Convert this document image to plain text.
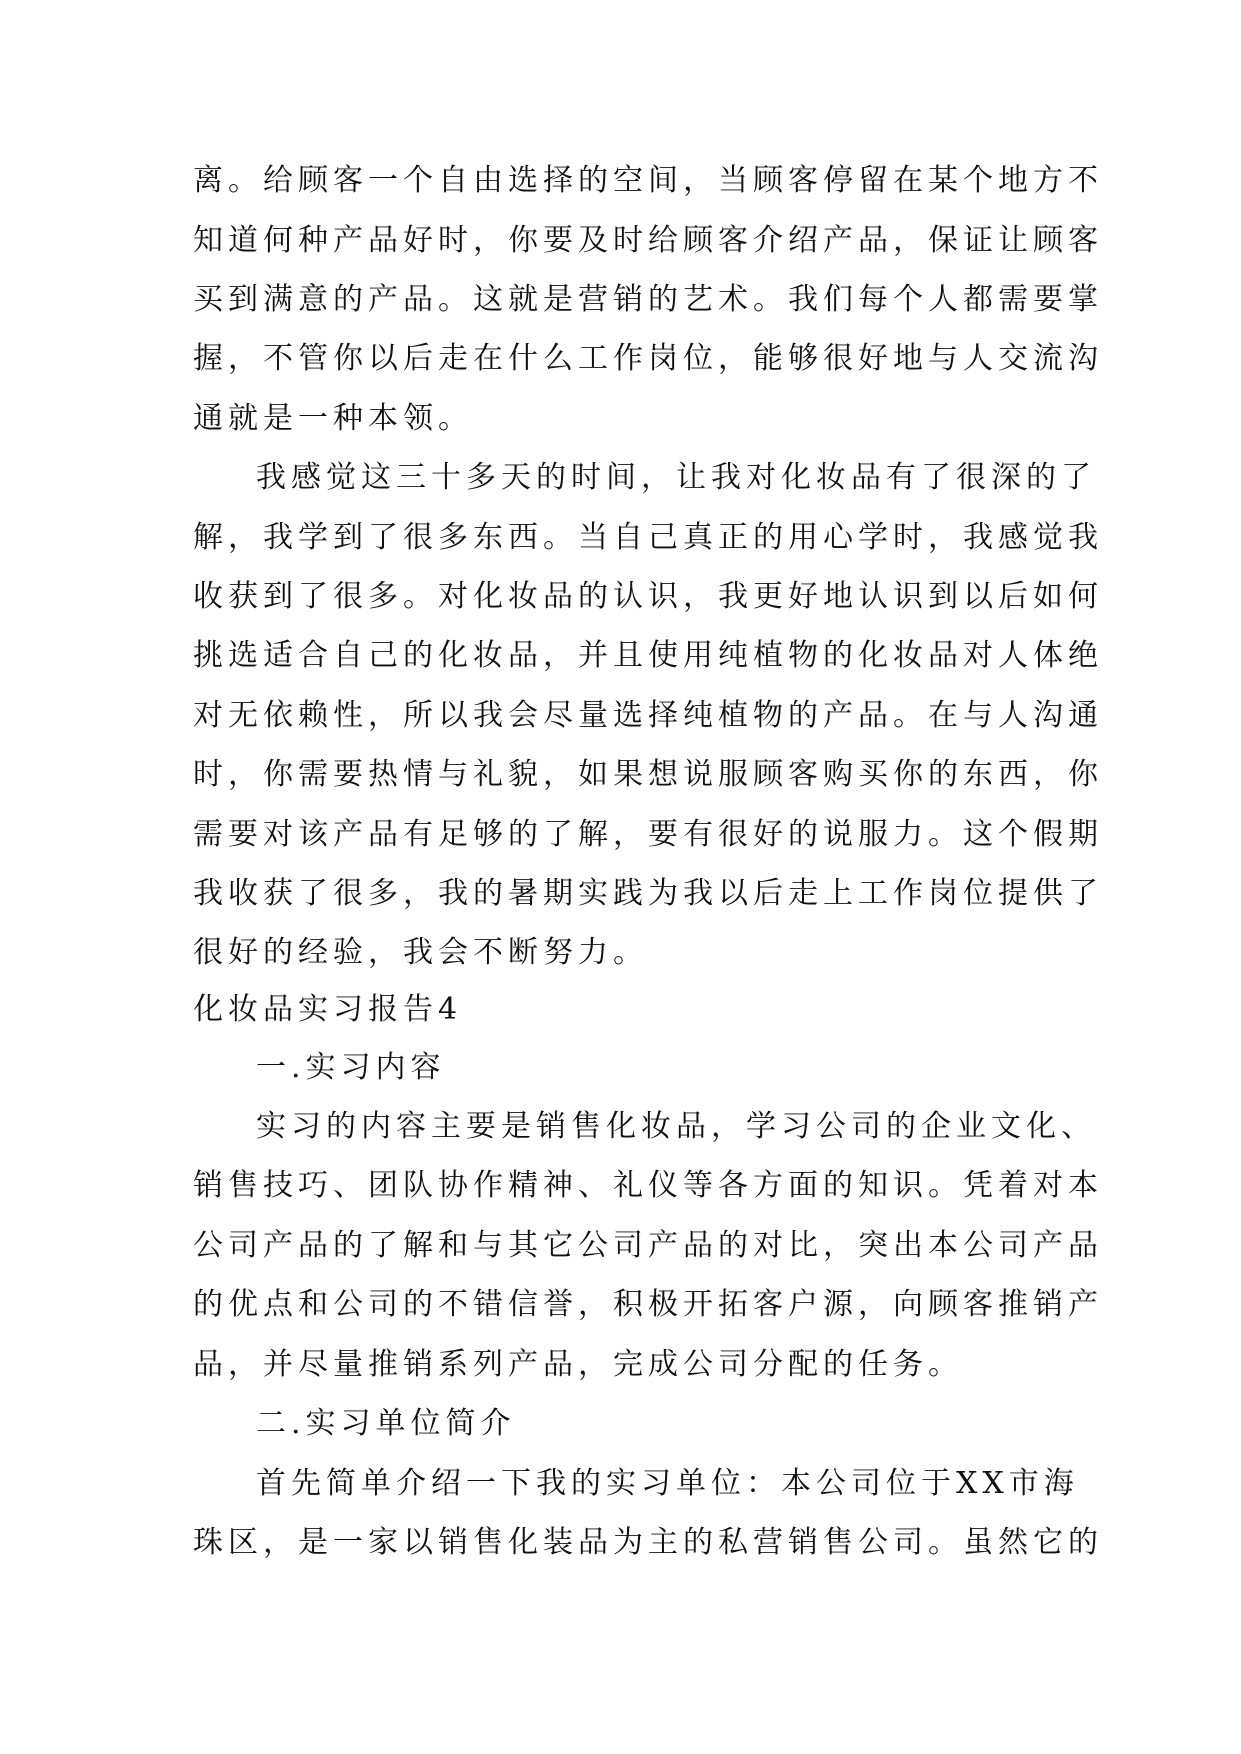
离。给顾客一个自由选择的空间，当顾客停留在某个地方不
知道何种产品好时，你要及时给顾客介绍产品，保证让顾客
买到满意的产品。这就是营销的艺术。我们每个人都需要掌
握，不管你以后走在什么工作岗位，能够很好地与人交流沟
通就是一种本领。
我感觉这三十多天的时间，让我对化妆品有了很深的了
解，我学到了很多东西。当自己真正的用心学时，我感觉我
收获到了很多。对化妆品的认识，我更好地认识到以后如何
挑选适合自己的化妆品，并且使用纯植物的化妆品对人体绝
对无依赖性，所以我会尽量选择纯植物的产品。在与人沟通
时，你需要热情与礼貌，如果想说服顾客购买你的东西，你
需要对该产品有足够的了解，要有很好的说服力。这个假期
我收获了很多，我的暑期实践为我以后走上工作岗位提供了
很好的经验，我会不断努力。
化妆品实习报告4
一.实习内容
实习的内容主要是销售化妆品，学习公司的企业文化、
销售技巧、团队协作精神、礼仪等各方面的知识。凭着对本
公司产品的了解和与其它公司产品的对比，突出本公司产品
的优点和公司的不错信誉，积极开拓客户源，向顾客推销产
品，并尽量推销系列产品，完成公司分配的任务。
二.实习单位简介
首先简单介绍一下我的实习单位：本公司位于XX市海
珠区，是一家以销售化装品为主的私营销售公司。虽然它的
